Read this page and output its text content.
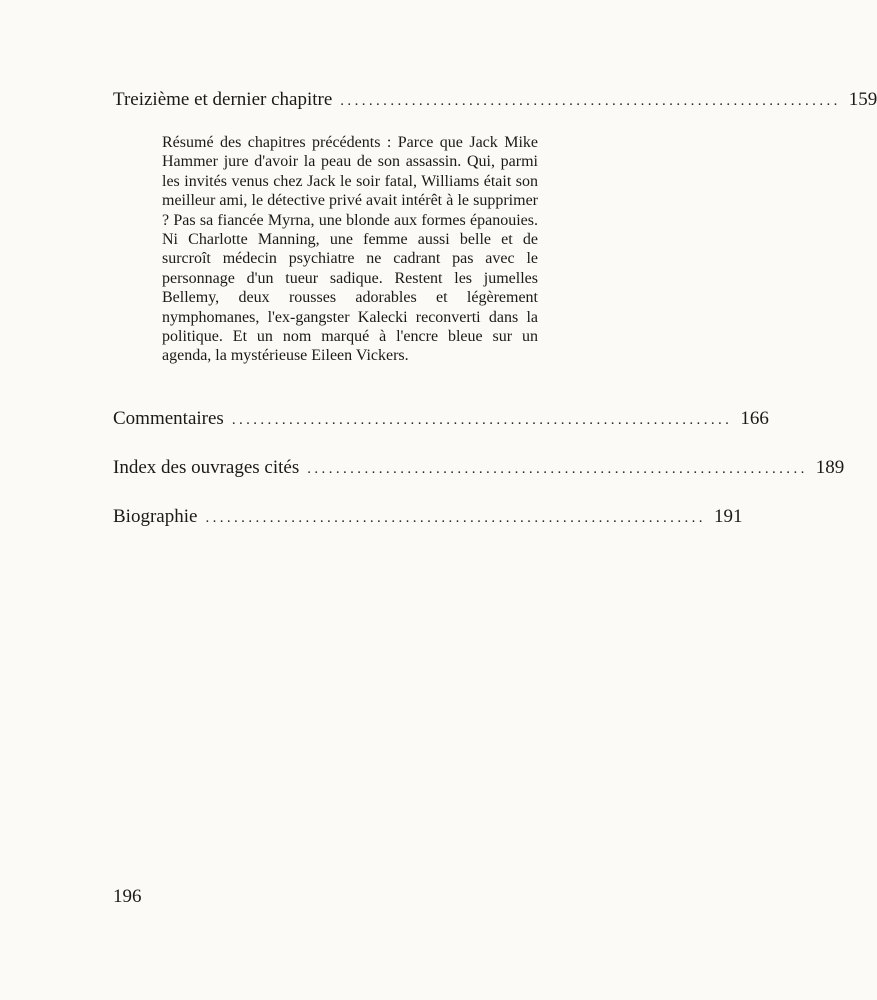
Treizième et dernier chapitre ...................................................................... 159

Résumé des chapitres précédents : Parce que Jack Mike Hammer jure d'avoir la peau de son assassin. Qui, parmi les invités venus chez Jack le soir fatal, Williams était son meilleur ami, le détective privé avait intérêt à le supprimer ? Pas sa fiancée Myrna, une blonde aux formes épanouies. Ni Charlotte Manning, une femme aussi belle et de surcroît médecin psychiatre ne cadrant pas avec le personnage d'un tueur sadique. Restent les jumelles Bellemy, deux rousses adorables et légèrement nymphomanes, l'ex-gangster Kalecki reconverti dans la politique. Et un nom marqué à l'encre bleue sur un agenda, la mystérieuse Eileen Vickers.

Commentaires ...................................................................... 166
Index des ouvrages cités ...................................................................... 189
Biographie ...................................................................... 191
196
